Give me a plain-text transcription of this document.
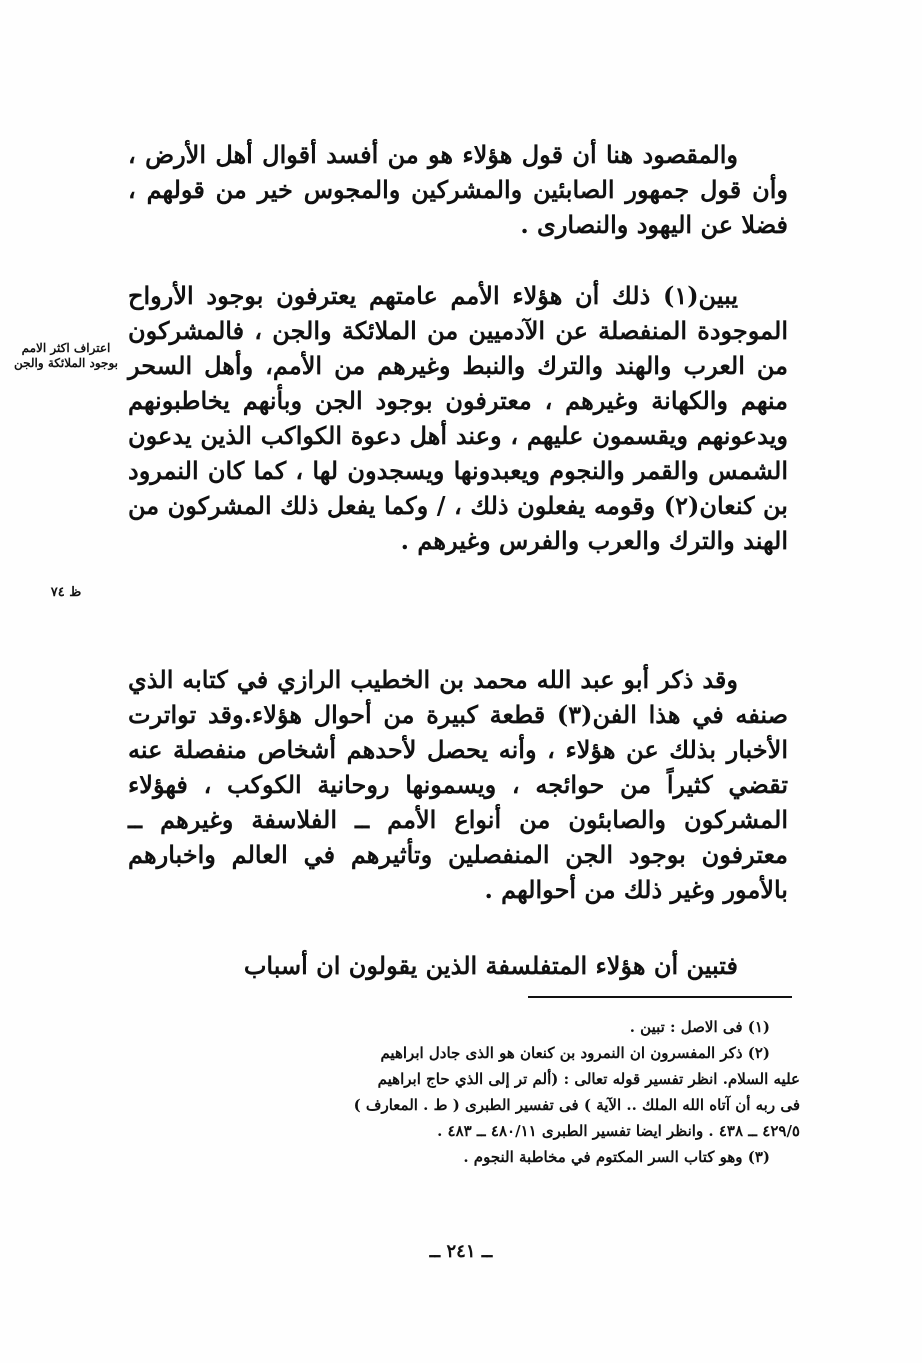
والمقصود هنا أن قول هؤلاء هو من أفسد أقوال أهل الأرض ، وأن قول جمهور الصابئين والمشركين والمجوس خير من قولهم ، فضلا عن اليهود والنصارى .

يبين(١) ذلك أن هؤلاء الأمم عامتهم يعترفون بوجود الأرواح الموجودة المنفصلة عن الآدميين من الملائكة والجن ، فالمشركون من العرب والهند والترك والنبط وغيرهم من الأمم، وأهل السحر منهم والكهانة وغيرهم ، معترفون بوجود الجن وبأنهم يخاطبونهم ويدعونهم ويقسمون عليهم ، وعند أهل دعوة الكواكب الذين يدعون الشمس والقمر والنجوم ويعبدونها ويسجدون لها ، كما كان النمرود بن كنعان(٢) وقومه يفعلون ذلك ، / وكما يفعل ذلك المشركون من الهند والترك والعرب والفرس وغيرهم .

وقد ذكر أبو عبد الله محمد بن الخطيب الرازي في كتابه الذي صنفه في هذا الفن(٣) قطعة كبيرة من أحوال هؤلاء.وقد تواترت الأخبار بذلك عن هؤلاء ، وأنه يحصل لأحدهم أشخاص منفصلة عنه تقضي كثيراً من حوائجه ، ويسمونها روحانية الكوكب ، فهؤلاء المشركون والصابئون من أنواع الأمم ــ الفلاسفة وغيرهم ــ معترفون بوجود الجن المنفصلين وتأثيرهم في العالم واخبارهم بالأمور وغير ذلك من أحوالهم .

فتبين أن هؤلاء المتفلسفة الذين يقولون ان أسباب

اعتراف اكثر الامم بوجود الملائكة والجن
ظ ٧٤

(١) فى الاصل : تبين .

(٢) ذكر المفسرون ان النمرود بن كنعان هو الذى جادل ابراهيم

عليه السلام. انظر تفسير قوله تعالى : (ألم تر إلى الذي حاج ابراهيم

فى ربه أن آتاه الله الملك .. الآية ) فى تفسير الطبرى ( ط . المعارف )

٤٢٩/٥ ــ ٤٣٨ . وانظر ايضا تفسير الطبرى ٤٨٠/١١ ــ ٤٨٣ .

(٣) وهو كتاب السر المكتوم في مخاطبة النجوم .

ــ ٢٤١ ــ
